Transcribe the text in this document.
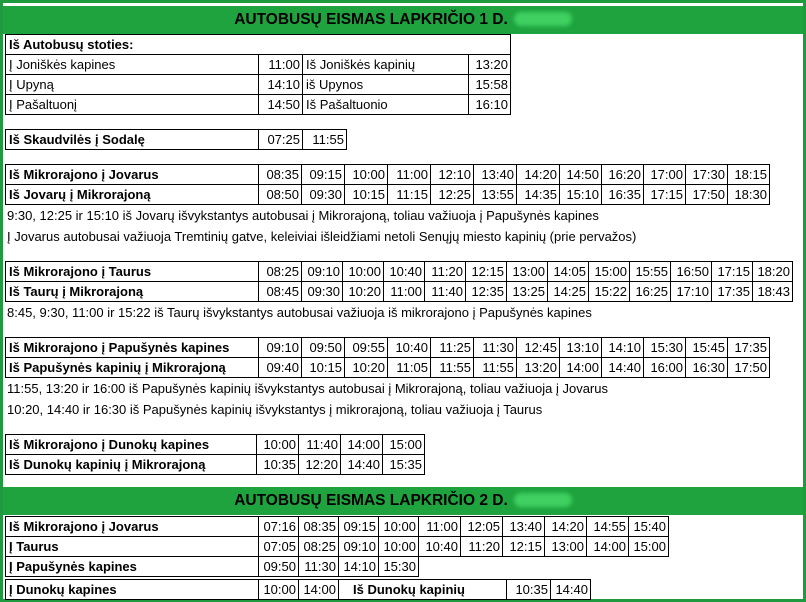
AUTOBUSŲ EISMAS LAPKRIČIO 1 D.
Iš Autobusų stoties:			
Į Joniškės kapines	11:00	Iš Joniškės kapinių	13:20
Į Upyną	14:10	iš Upynos	15:58
Į Pašaltuonį	14:50	Iš Pašaltuonio	16:10
Iš Skaudvilės į Sodalę	07:25	11:55
Iš Mikrorajono į Jovarus	08:35	09:15	10:00	11:00	12:10	13:40	14:20	14:50	16:20	17:00	17:30	18:15
Iš Jovarų į Mikrorajoną	08:50	09:30	10:15	11:15	12:25	13:55	14:35	15:10	16:35	17:15	17:50	18:30
9:30, 12:25 ir 15:10 iš Jovarų išvykstantys autobusai į Mikrorajoną, toliau važiuoja į Papušynės kapines
Į Jovarus autobusai važiuoja Tremtinių gatve, keleiviai išleidžiami netoli Senųjų miesto kapinių (prie pervažos)
Iš Mikrorajono į Taurus	08:25	09:10	10:00	10:40	11:20	12:15	13:00	14:05	15:00	15:55	16:50	17:15	18:20
Iš Taurų į Mikrorajoną	08:45	09:30	10:20	11:00	11:40	12:35	13:25	14:25	15:22	16:25	17:10	17:35	18:43
8:45, 9:30, 11:00 ir 15:22 iš Taurų išvykstantys autobusai važiuoja iš mikrorajono į Papušynės kapines
Iš Mikrorajono į Papušynės kapines	09:10	09:50	09:55	10:40	11:25	11:30	12:45	13:10	14:10	15:30	15:45	17:35
Iš Papušynės kapinių į Mikrorajoną	09:40	10:15	10:20	11:05	11:55	11:55	13:20	14:00	14:40	16:00	16:30	17:50
11:55, 13:20 ir 16:00 iš Papušynės kapinių išvykstantys autobusai į Mikrorajoną, toliau važiuoja į Jovarus
10:20, 14:40 ir 16:30 iš Papušynės kapinių išvykstantys į mikrorajoną, toliau važiuoja į Taurus
Iš Mikrorajono į Dunokų kapines	10:00	11:40	14:00	15:00
Iš Dunokų kapinių į Mikrorajoną	10:35	12:20	14:40	15:35
AUTOBUSŲ EISMAS LAPKRIČIO 2 D.
Iš Mikrorajono į Jovarus	07:16	08:35	09:15	10:00	11:00	12:05	13:40	14:20	14:55	15:40
Į Taurus	07:05	08:25	09:10	10:00	10:40	11:20	12:15	13:00	14:00	15:00
Į Papušynės kapines	09:50	11:30	14:10	15:30						
Į Dunokų kapines	10:00	14:00	Iš Dunokų kapinių	10:35	14:40
